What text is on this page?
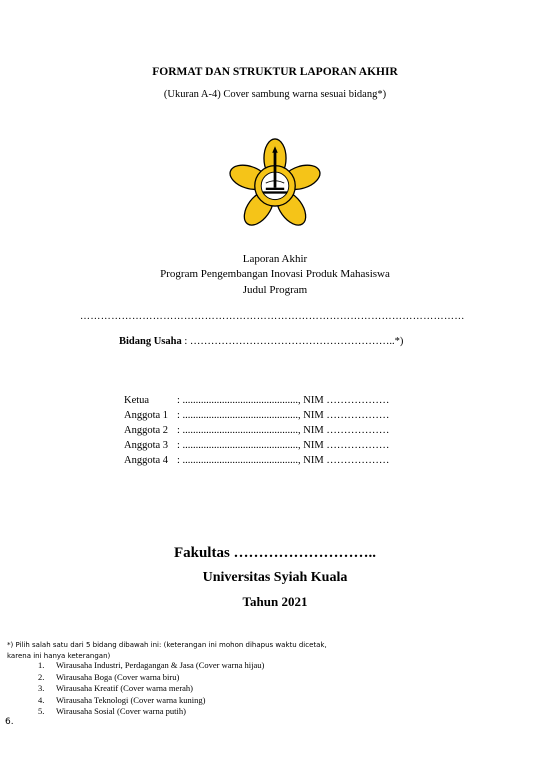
FORMAT DAN STRUKTUR LAPORAN AKHIR
(Ukuran A-4) Cover sambung warna sesuai bidang*)
Laporan Akhir
Program Pengembangan Inovasi Produk Mahasiswa
Judul Program
…………………………………………………………………………………………………
Bidang Usaha : …………………………………………………..*)
Ketua	: ............................................, NIM ………………
Anggota 1 : ............................................, NIM ………………
Anggota 2 : ............................................, NIM ………………
Anggota 3 : ............................................, NIM ………………
Anggota 4 : ............................................, NIM ………………
Fakultas ………………………..
Universitas Syiah Kuala
Tahun 2021
*) Pilih salah satu dari 5 bidang dibawah ini: (keterangan ini mohon dihapus waktu dicetak, karena ini hanya keterangan)
1. Wirausaha Industri, Perdagangan & Jasa (Cover warna hijau)
2. Wirausaha Boga (Cover warna biru)
3. Wirausaha Kreatif (Cover warna merah)
4. Wirausaha Teknologi (Cover warna kuning)
5. Wirausaha Sosial (Cover warna putih)
6.
